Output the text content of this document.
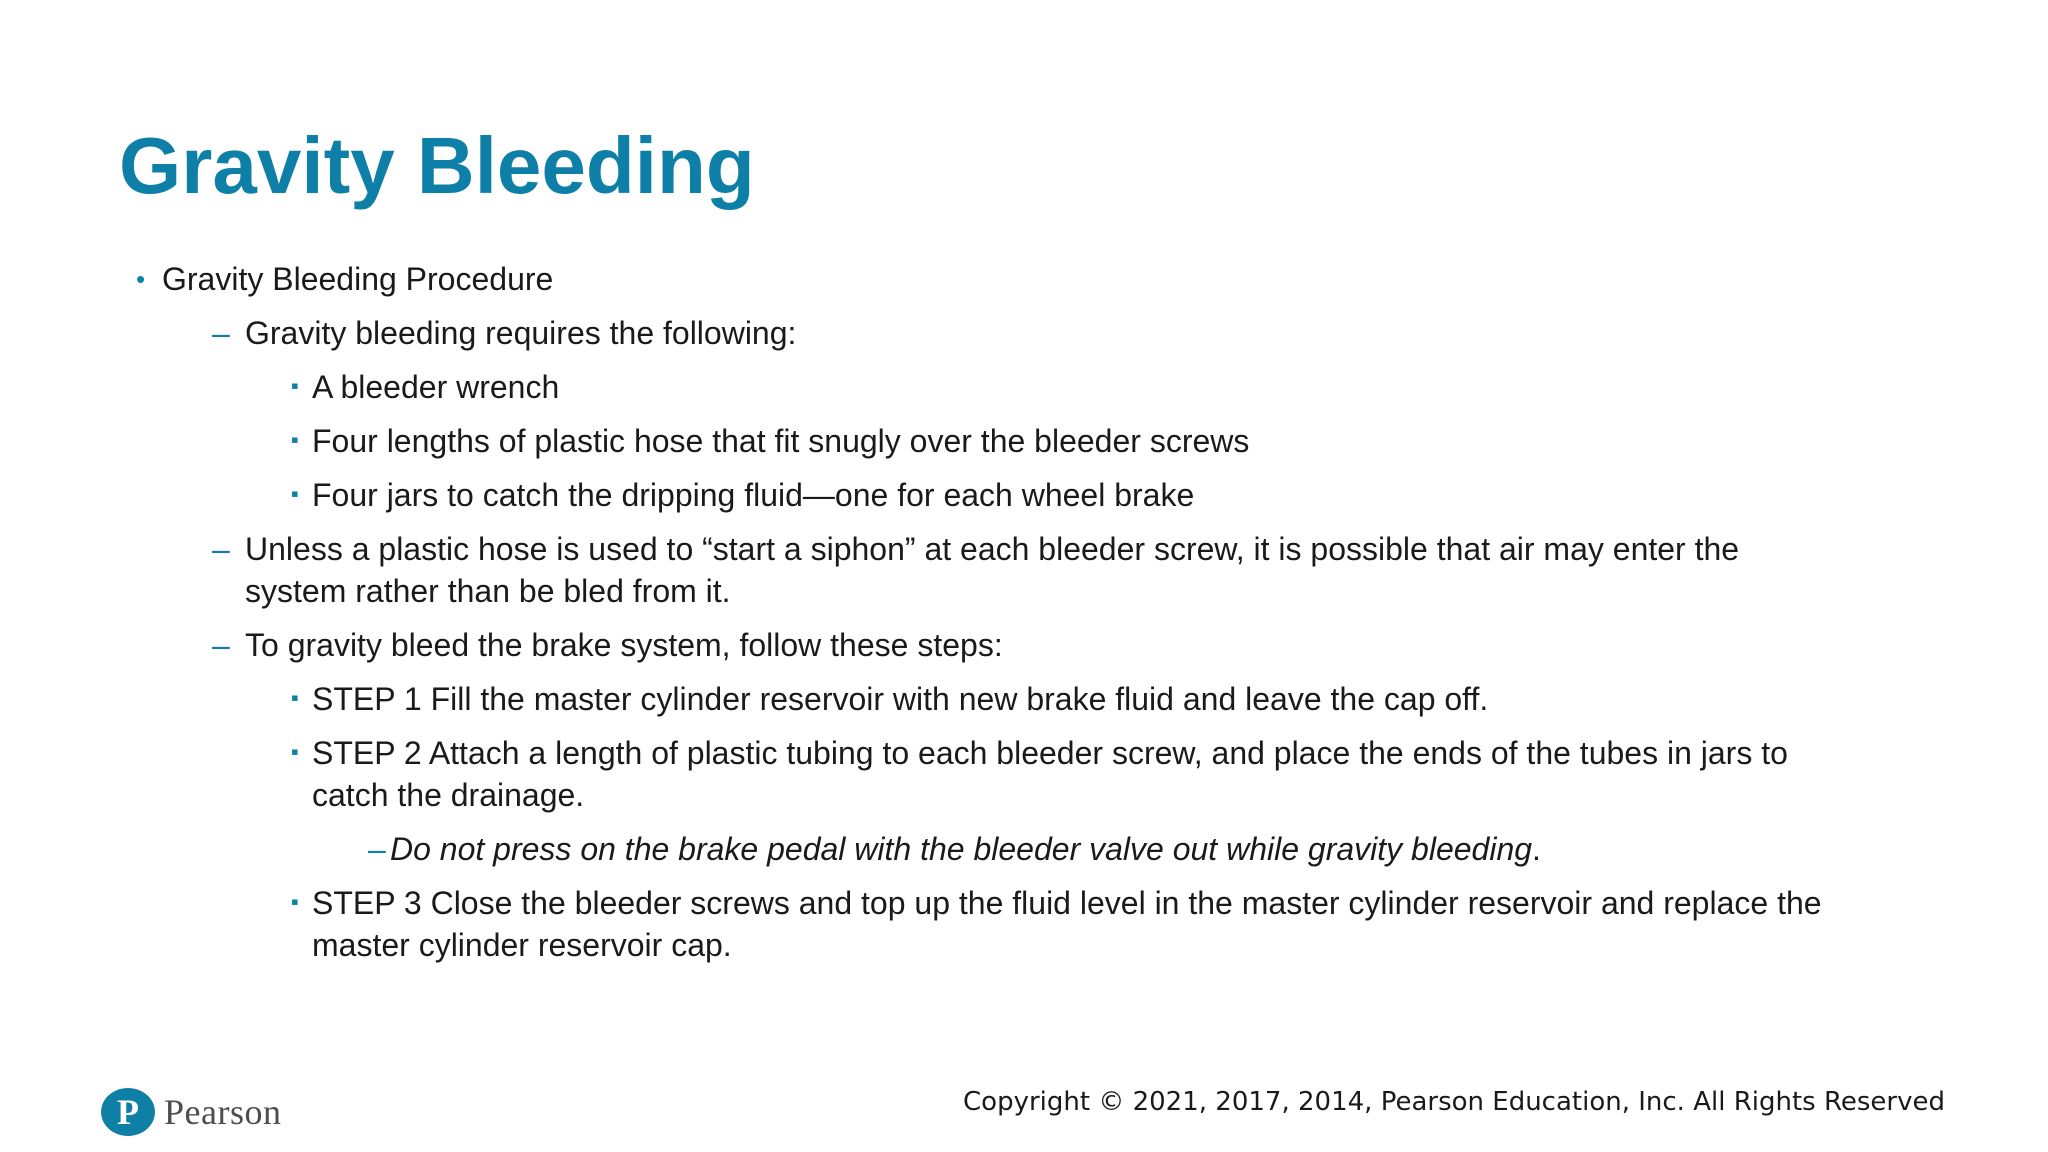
Gravity Bleeding
• Gravity Bleeding Procedure
– Gravity bleeding requires the following:
▪ A bleeder wrench
▪ Four lengths of plastic hose that fit snugly over the bleeder screws
▪ Four jars to catch the dripping fluid—one for each wheel brake
– Unless a plastic hose is used to “start a siphon” at each bleeder screw, it is possible that air may enter the
system rather than be bled from it.
– To gravity bleed the brake system, follow these steps:
▪ STEP 1 Fill the master cylinder reservoir with new brake fluid and leave the cap off.
▪ STEP 2 Attach a length of plastic tubing to each bleeder screw, and place the ends of the tubes in jars to
catch the drainage.
– Do not press on the brake pedal with the bleeder valve out while gravity bleeding.
▪ STEP 3 Close the bleeder screws and top up the fluid level in the master cylinder reservoir and replace the
master cylinder reservoir cap.
P Pearson	Copyright © 2021, 2017, 2014, Pearson Education, Inc. All Rights Reserved
